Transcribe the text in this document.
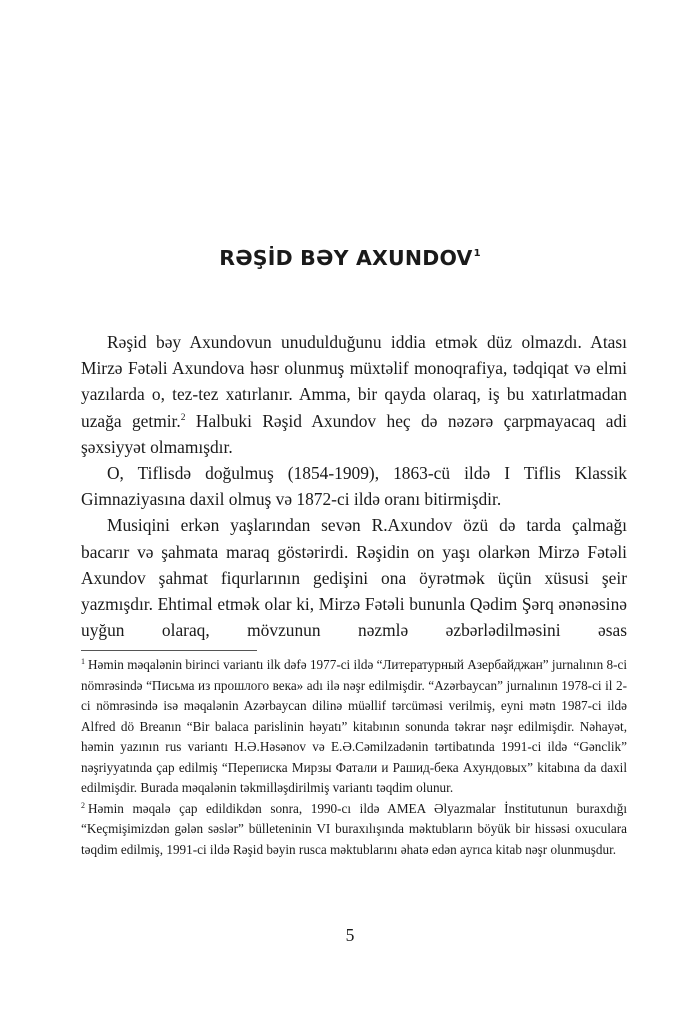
RƏŞİD BƏY AXUNDOV$^1$

Rəşid bəy Axundovun unudulduğunu iddia etmək düz olmazdı. Atası Mirzə Fətəli Axundova həsr olunmuş müxtəlif monoqrafiya, tədqiqat və elmi yazılarda o, tez-tez xatırlanır. Amma, bir qayda olaraq, iş bu xatırlatmadan uzağa getmir.$^2$ Halbuki Rəşid Axundov heç də nəzərə çarpmayacaq adi şəxsiyyət olmamışdır.

O, Tiflisdə doğulmuş (1854-1909), 1863-cü ildə I Tiflis Klassik Gimnaziyasına daxil olmuş və 1872-ci ildə oranı bitirmişdir.

Musiqini erkən yaşlarından sevən R.Axundov özü də tarda çalmağı bacarır və şahmata maraq göstərirdi. Rəşidin on yaşı olarkən Mirzə Fətəli Axundov şahmat fiqurlarının gedişini ona öyrətmək üçün xüsusi şeir yazmışdır. Ehtimal etmək olar ki, Mirzə Fətəli bununla Qədim Şərq ənənəsinə uyğun olaraq, mövzunun nəzmlə əzbərlədilməsini əsas

$^1$ Həmin məqalənin birinci variantı ilk dəfə 1977-ci ildə “Литературный Азербайджан” jurnalının 8-ci nömrəsində “Письма из прошлого века» adı ilə nəşr edilmişdir. “Azərbaycan” jurnalının 1978-ci il 2-ci nömrəsində isə məqalənin Azərbaycan dilinə müəllif tərcüməsi verilmiş, eyni mətn 1987-ci ildə Alfred dö Breanın “Bir balaca parislinin həyatı” kitabının sonunda təkrar nəşr edilmişdir. Nəhayət, həmin yazının rus variantı H.Ə.Həsənov və E.Ə.Cəmilzadənin tərtibatında 1991-ci ildə “Gənclik” nəşriyyatında çap edilmiş “Переписка Мирзы Фатали и Рашид-бека Ахундовых” kitabına da daxil edilmişdir. Burada məqalənin təkmilləşdirilmiş variantı təqdim olunur.

$^2$ Həmin məqalə çap edildikdən sonra, 1990-cı ildə AMEA Əlyazmalar İnstitutunun buraxdığı “Keçmişimizdən gələn səslər” bülleteninin VI buraxılışında məktubların böyük bir hissəsi oxuculara təqdim edilmiş, 1991-ci ildə Rəşid bəyin rusca məktublarını əhatə edən ayrıca kitab nəşr olunmuşdur.

5
